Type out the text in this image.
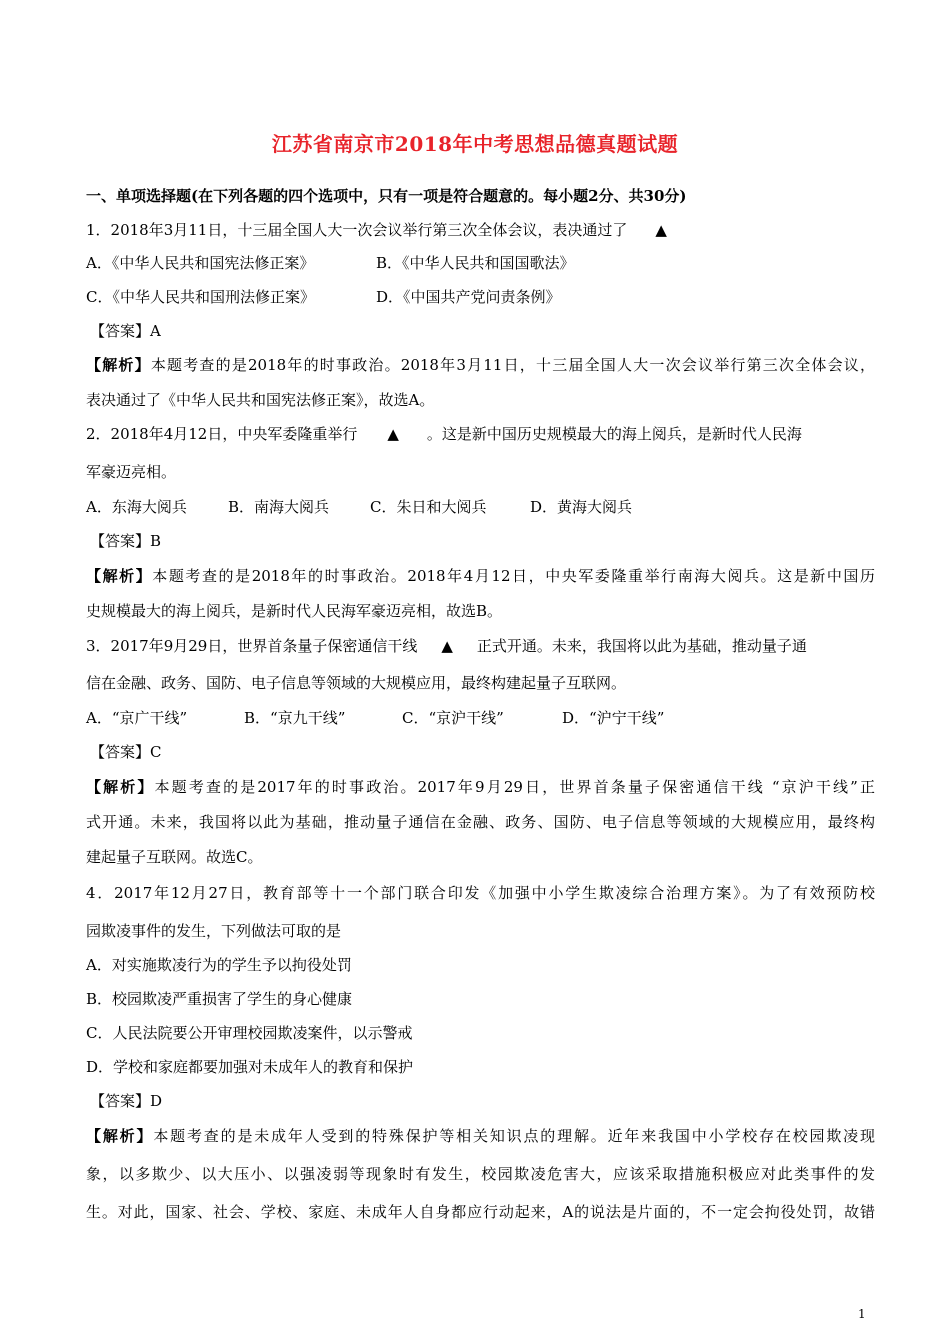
江苏省南京市2018年中考思想品德真题试题
一、单项选择题(在下列各题的四个选项中，只有一项是符合题意的。每小题2分、共30分)
1．2018年3月11日，十三届全国人大一次会议举行第三次全体会议，表决通过了 ▲
A．《中华人民共和国宪法修正案》	B．《中华人民共和国国歌法》
C．《中华人民共和国刑法修正案》	D．《中国共产党问责条例》
【答案】A
【解析】本题考查的是2018年的时事政治。2018年3月11日，十三届全国人大一次会议举行第三次全体会议，
表决通过了《中华人民共和国宪法修正案》，故选A。
2．2018年4月12日，中央军委隆重举行 ▲ 。这是新中国历史规模最大的海上阅兵，是新时代人民海
军豪迈亮相。
A．东海大阅兵	B．南海大阅兵	C．朱日和大阅兵	D．黄海大阅兵
【答案】B
【解析】本题考查的是2018年的时事政治。2018年4月12日，中央军委隆重举行南海大阅兵。这是新中国历
史规模最大的海上阅兵，是新时代人民海军豪迈亮相，故选B。
3．2017年9月29日，世界首条量子保密通信干线 ▲ 正式开通。未来，我国将以此为基础，推动量子通
信在金融、政务、国防、电子信息等领域的大规模应用，最终构建起量子互联网。
A．“京广干线”	B．“京九干线”	C．“京沪干线”	D．“沪宁干线”
【答案】C
【解析】本题考查的是2017年的时事政治。2017年9月29日，世界首条量子保密通信干线 “京沪干线”正
式开通。未来，我国将以此为基础，推动量子通信在金融、政务、国防、电子信息等领域的大规模应用，最终构
建起量子互联网。故选C。
4．2017年12月27日，教育部等十一个部门联合印发《加强中小学生欺凌综合治理方案》。为了有效预防校
园欺凌事件的发生，下列做法可取的是
A．对实施欺凌行为的学生予以拘役处罚
B．校园欺凌严重损害了学生的身心健康
C．人民法院要公开审理校园欺凌案件，以示警戒
D．学校和家庭都要加强对未成年人的教育和保护
【答案】D
【解析】本题考查的是未成年人受到的特殊保护等相关知识点的理解。近年来我国中小学校存在校园欺凌现
象，以多欺少、以大压小、以强凌弱等现象时有发生，校园欺凌危害大，应该采取措施积极应对此类事件的发
生。对此，国家、社会、学校、家庭、未成年人自身都应行动起来，A的说法是片面的，不一定会拘役处罚，故错
1
